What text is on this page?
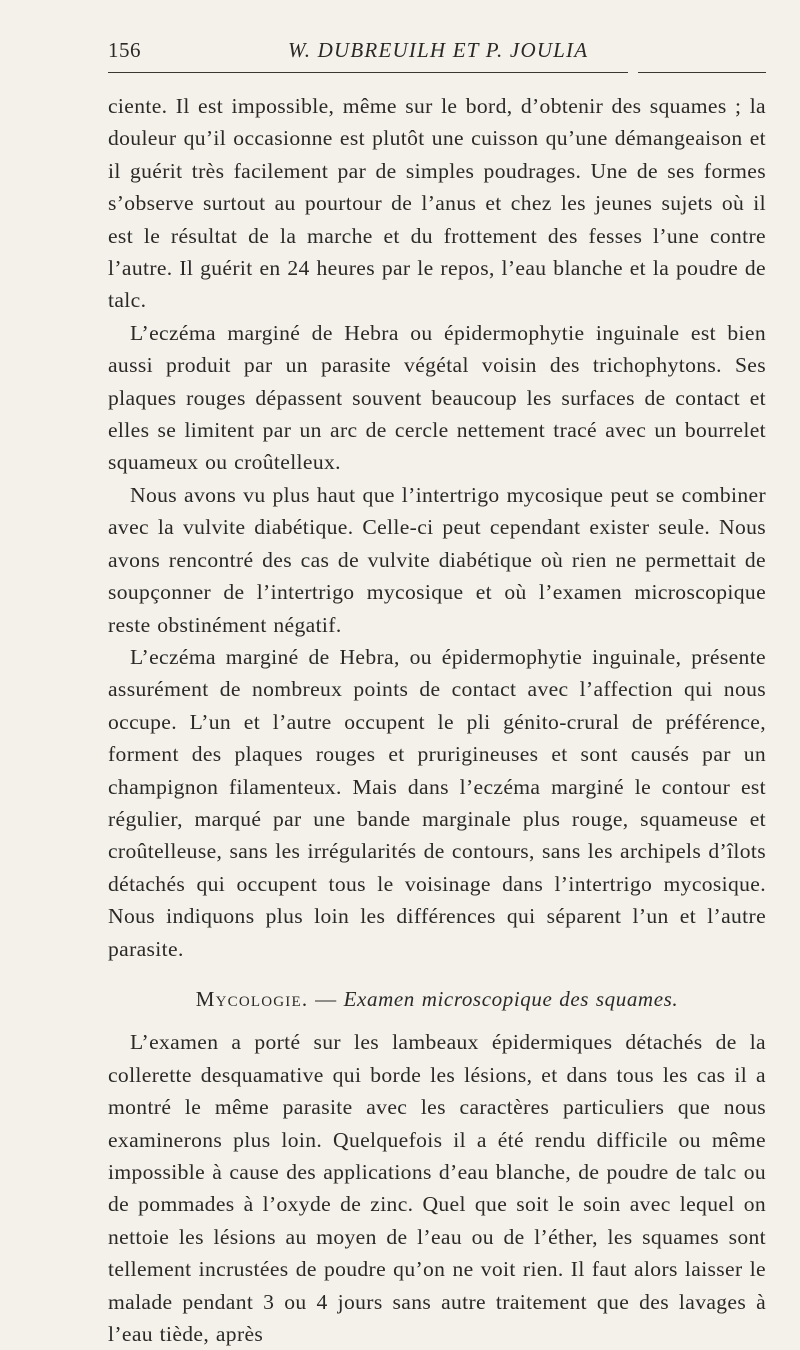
156	W. DUBREUILH ET P. JOULIA

ciente. Il est impossible, même sur le bord, d’obtenir des squames ; la douleur qu’il occasionne est plutôt une cuisson qu’une démangeaison et il guérit très facilement par de simples poudrages. Une de ses formes s’observe surtout au pourtour de l’anus et chez les jeunes sujets où il est le résultat de la marche et du frottement des fesses l’une contre l’autre. Il guérit en 24 heures par le repos, l’eau blanche et la poudre de talc.

L’eczéma marginé de Hebra ou épidermophytie inguinale est bien aussi produit par un parasite végétal voisin des trichophytons. Ses plaques rouges dépassent souvent beaucoup les surfaces de contact et elles se limitent par un arc de cercle nettement tracé avec un bourrelet squameux ou croûtelleux.

Nous avons vu plus haut que l’intertrigo mycosique peut se combiner avec la vulvite diabétique. Celle-ci peut cependant exister seule. Nous avons rencontré des cas de vulvite diabétique où rien ne permettait de soupçonner de l’intertrigo mycosique et où l’examen microscopique reste obstinément négatif.

L’eczéma marginé de Hebra, ou épidermophytie inguinale, présente assurément de nombreux points de contact avec l’affection qui nous occupe. L’un et l’autre occupent le pli génito-crural de préférence, forment des plaques rouges et prurigineuses et sont causés par un champignon filamenteux. Mais dans l’eczéma marginé le contour est régulier, marqué par une bande marginale plus rouge, squameuse et croûtelleuse, sans les irrégularités de contours, sans les archipels d’îlots détachés qui occupent tous le voisinage dans l’intertrigo mycosique. Nous indiquons plus loin les différences qui séparent l’un et l’autre parasite.

Mycologie. — Examen microscopique des squames.

L’examen a porté sur les lambeaux épidermiques détachés de la collerette desquamative qui borde les lésions, et dans tous les cas il a montré le même parasite avec les caractères particuliers que nous examinerons plus loin. Quelquefois il a été rendu difficile ou même impossible à cause des applications d’eau blanche, de poudre de talc ou de pommades à l’oxyde de zinc. Quel que soit le soin avec lequel on nettoie les lésions au moyen de l’eau ou de l’éther, les squames sont tellement incrustées de poudre qu’on ne voit rien. Il faut alors laisser le malade pendant 3 ou 4 jours sans autre traitement que des lavages à l’eau tiède, après
